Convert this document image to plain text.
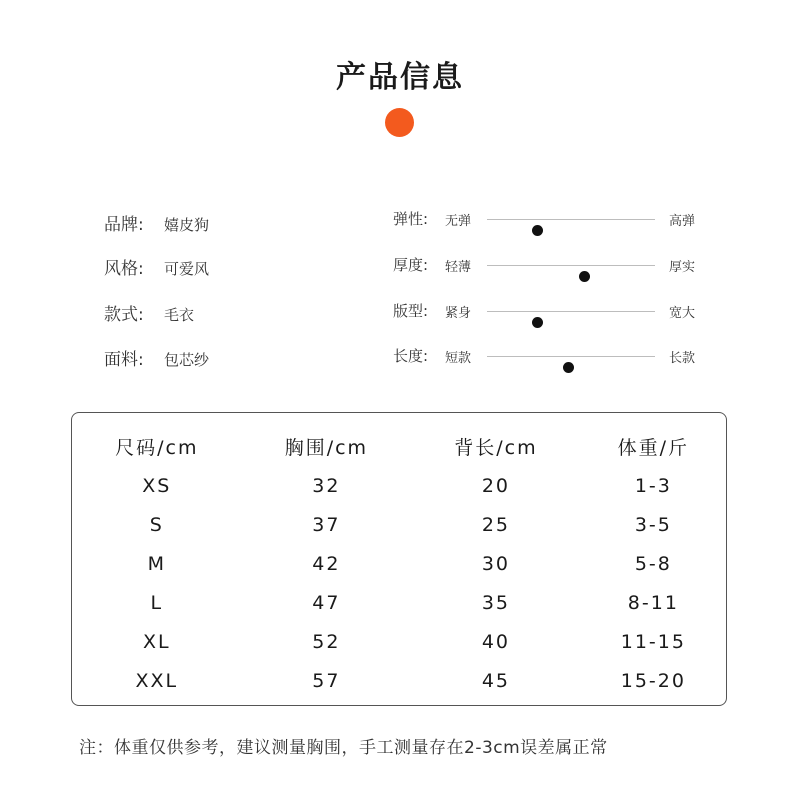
产品信息
品牌: 嬉皮狗
风格: 可爱风
款式: 毛衣
面料: 包芯纱
弹性: 无弹	高弹
厚度: 轻薄	厚实
版型: 紧身	宽大
长度: 短款	长款
尺码/cm	胸围/cm	背长/cm	体重/斤
XS	32	20	1-3
S	37	25	3-5
M	42	30	5-8
L	47	35	8-11
XL	52	40	11-15
XXL	57	45	15-20
注：体重仅供参考，建议测量胸围，手工测量存在2-3cm误差属正常
